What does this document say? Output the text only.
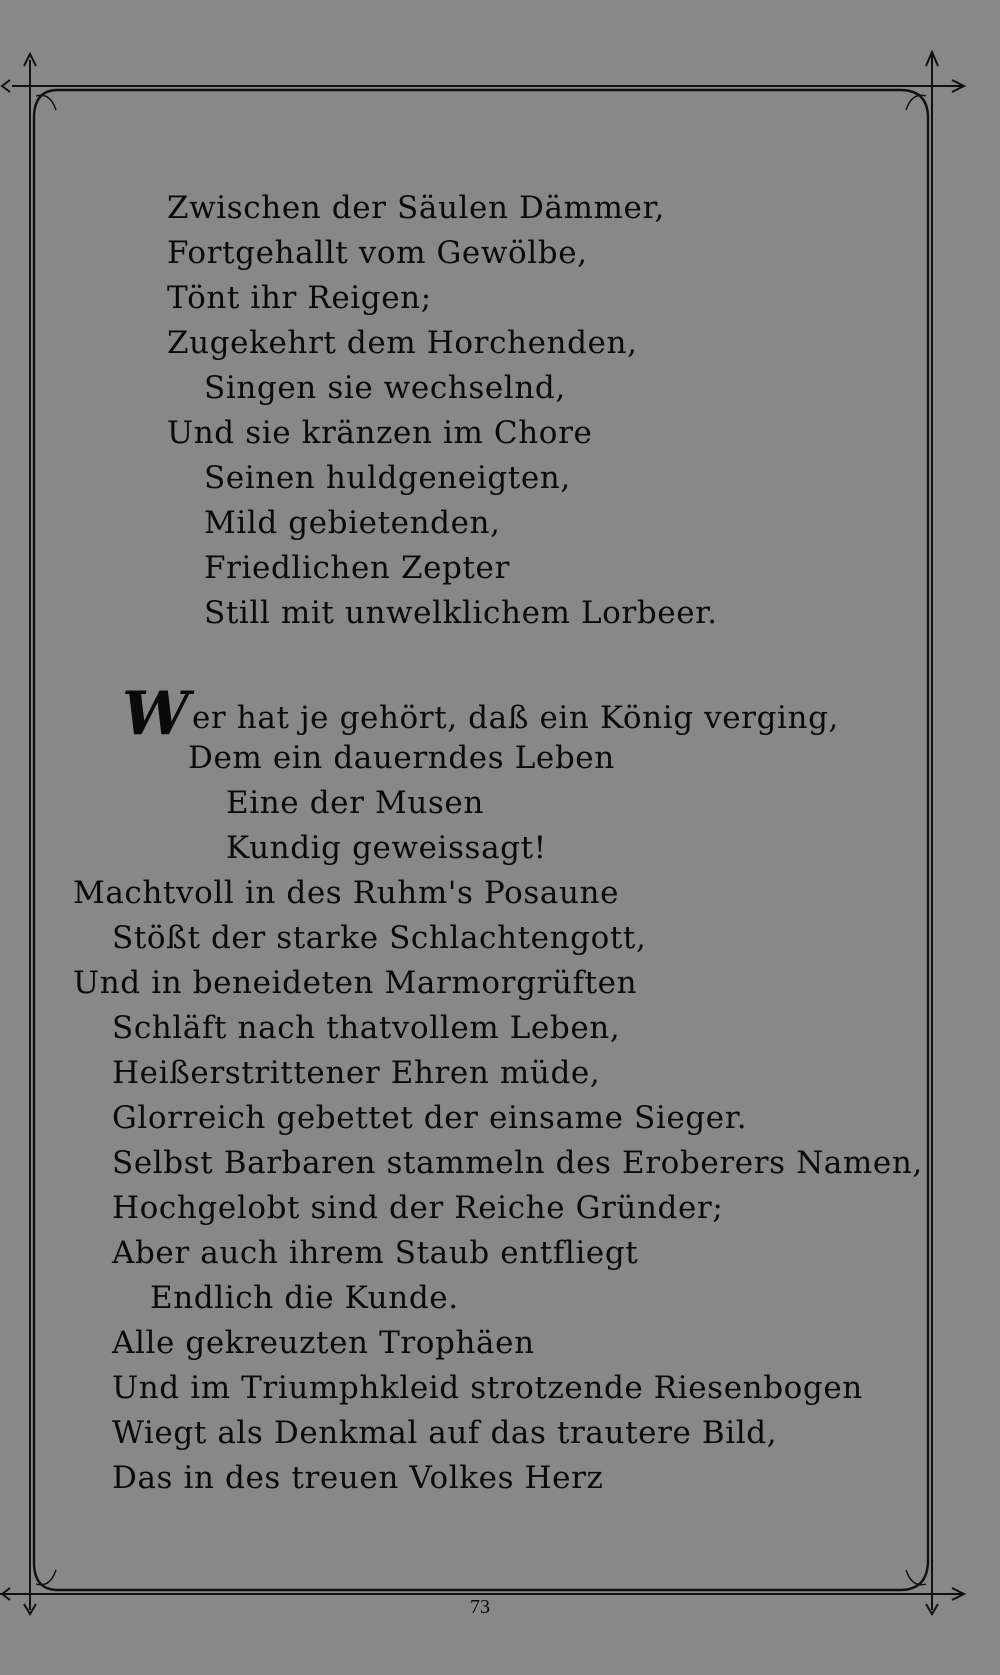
Zwischen der Säulen Dämmer,
Fortgehallt vom Gewölbe,
Tönt ihr Reigen;
Zugekehrt dem Horchenden,
Singen sie wechselnd,
Und sie kränzen im Chore
Seinen huldgeneigten,
Mild gebietenden,
Friedlichen Zepter
Still mit unwelklichem Lorbeer.
Wer hat je gehört, daß ein König verging,
Dem ein dauerndes Leben
Eine der Musen
Kundig geweissagt!
Machtvoll in des Ruhm's Posaune
Stößt der starke Schlachtengott,
Und in beneideten Marmorgrüften
Schläft nach thatvollem Leben,
Heißerstrittener Ehren müde,
Glorreich gebettet der einsame Sieger.
Selbst Barbaren stammeln des Eroberers Namen,
Hochgelobt sind der Reiche Gründer;
Aber auch ihrem Staub entfliegt
Endlich die Kunde.
Alle gekreuzten Trophäen
Und im Triumphkleid strotzende Riesenbogen
Wiegt als Denkmal auf das trautere Bild,
Das in des treuen Volkes Herz
73
